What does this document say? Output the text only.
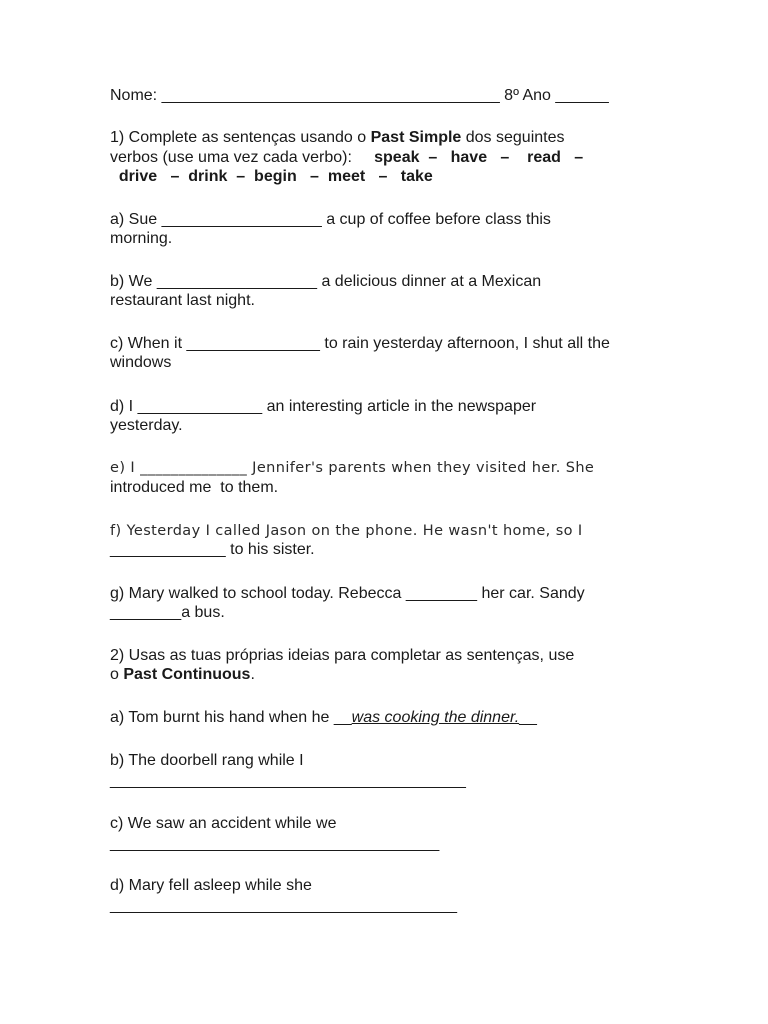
Nome: ______________________________________ 8º Ano ______

1) Complete as sentenças usando o Past Simple dos seguintes

verbos (use uma vez cada verbo):     speak  –   have   –    read   –

drive   –  drink  –  begin   –  meet   –   take

a) Sue __________________ a cup of coffee before class this

morning.

b) We __________________ a delicious dinner at a Mexican

restaurant last night.

c) When it _______________ to rain yesterday afternoon, I shut all the

windows

d) I ______________ an interesting article in the newspaper

yesterday.

e) I ______________ Jennifer's parents when they visited her. She

introduced me  to them.

f) Yesterday I called Jason on the phone. He wasn't home, so I

_____________ to his sister.

g) Mary walked to school today. Rebecca ________ her car. Sandy

________a bus.

2) Usas as tuas próprias ideias para completar as sentenças, use

o Past Continuous.

a) Tom burnt his hand when he __was cooking the dinner.__

b) The doorbell rang while I

________________________________________

c) We saw an accident while we

_____________________________________

d) Mary fell asleep while she

_______________________________________
